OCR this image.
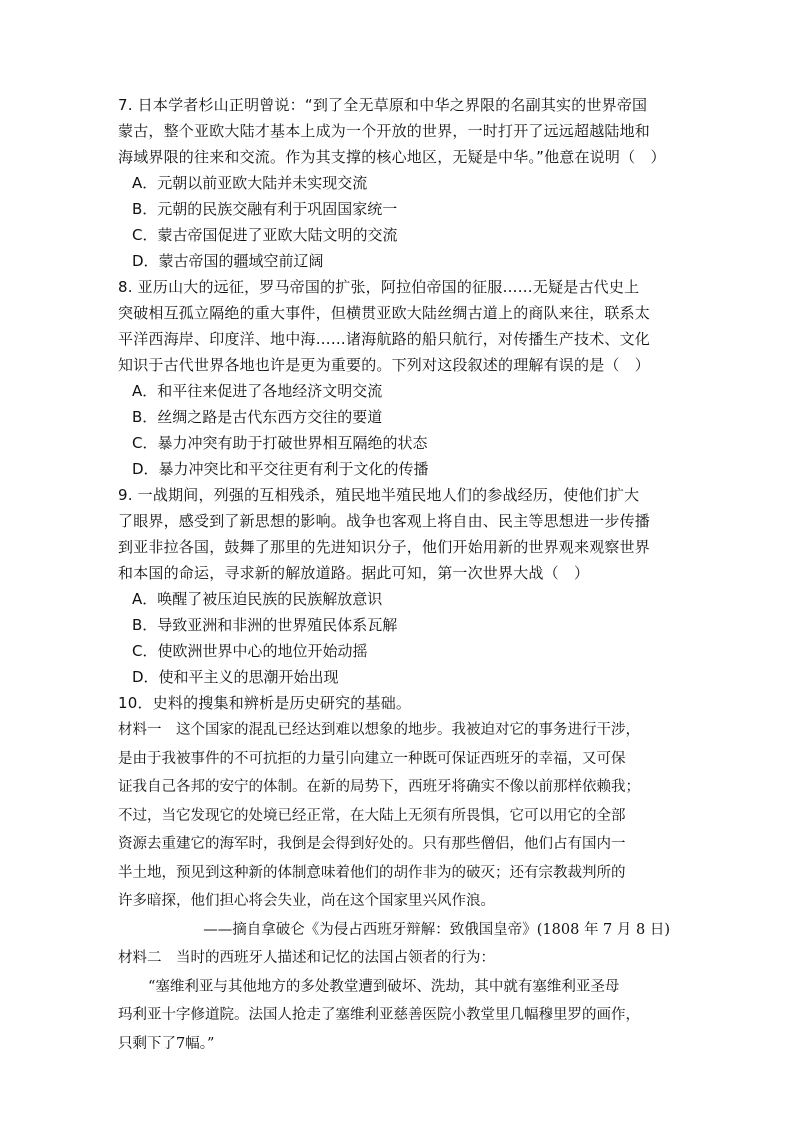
7. 日本学者杉山正明曾说：“到了全无草原和中华之界限的名副其实的世界帝国

蒙古，整个亚欧大陆才基本上成为一个开放的世界，一时打开了远远超越陆地和

海域界限的往来和交流。作为其支撑的核心地区，无疑是中华。”他意在说明（　）

A．元朝以前亚欧大陆并未实现交流
B．元朝的民族交融有利于巩固国家统一
C．蒙古帝国促进了亚欧大陆文明的交流
D．蒙古帝国的疆域空前辽阔

8. 亚历山大的远征，罗马帝国的扩张，阿拉伯帝国的征服……无疑是古代史上

突破相互孤立隔绝的重大事件，但横贯亚欧大陆丝绸古道上的商队来往，联系太

平洋西海岸、印度洋、地中海……诸海航路的船只航行，对传播生产技术、文化

知识于古代世界各地也许是更为重要的。下列对这段叙述的理解有误的是（　）

A．和平往来促进了各地经济文明交流
B．丝绸之路是古代东西方交往的要道
C．暴力冲突有助于打破世界相互隔绝的状态
D．暴力冲突比和平交往更有利于文化的传播

9. 一战期间，列强的互相残杀，殖民地半殖民地人们的参战经历，使他们扩大

了眼界，感受到了新思想的影响。战争也客观上将自由、民主等思想进一步传播

到亚非拉各国，鼓舞了那里的先进知识分子，他们开始用新的世界观来观察世界

和本国的命运，寻求新的解放道路。据此可知，第一次世界大战（　）

A．唤醒了被压迫民族的民族解放意识
B．导致亚洲和非洲的世界殖民体系瓦解
C．使欧洲世界中心的地位开始动摇
D．使和平主义的思潮开始出现

10．史料的搜集和辨析是历史研究的基础。

材料一　这个国家的混乱已经达到难以想象的地步。我被迫对它的事务进行干涉，

是由于我被事件的不可抗拒的力量引向建立一种既可保证西班牙的幸福，又可保

证我自己各邦的安宁的体制。在新的局势下，西班牙将确实不像以前那样依赖我；

不过，当它发现它的处境已经正常，在大陆上无须有所畏惧，它可以用它的全部

资源去重建它的海军时，我倒是会得到好处的。只有那些僧侣，他们占有国内一

半土地，预见到这种新的体制意味着他们的胡作非为的破灭；还有宗教裁判所的

许多暗探，他们担心将会失业，尚在这个国家里兴风作浪。

——摘自拿破仑《为侵占西班牙辩解：致俄国皇帝》(1808 年 7 月 8 日)

材料二　当时的西班牙人描述和记忆的法国占领者的行为：

“塞维利亚与其他地方的多处教堂遭到破坏、洗劫，其中就有塞维利亚圣母

玛利亚十字修道院。法国人抢走了塞维利亚慈善医院小教堂里几幅穆里罗的画作，

只剩下了7幅。”
